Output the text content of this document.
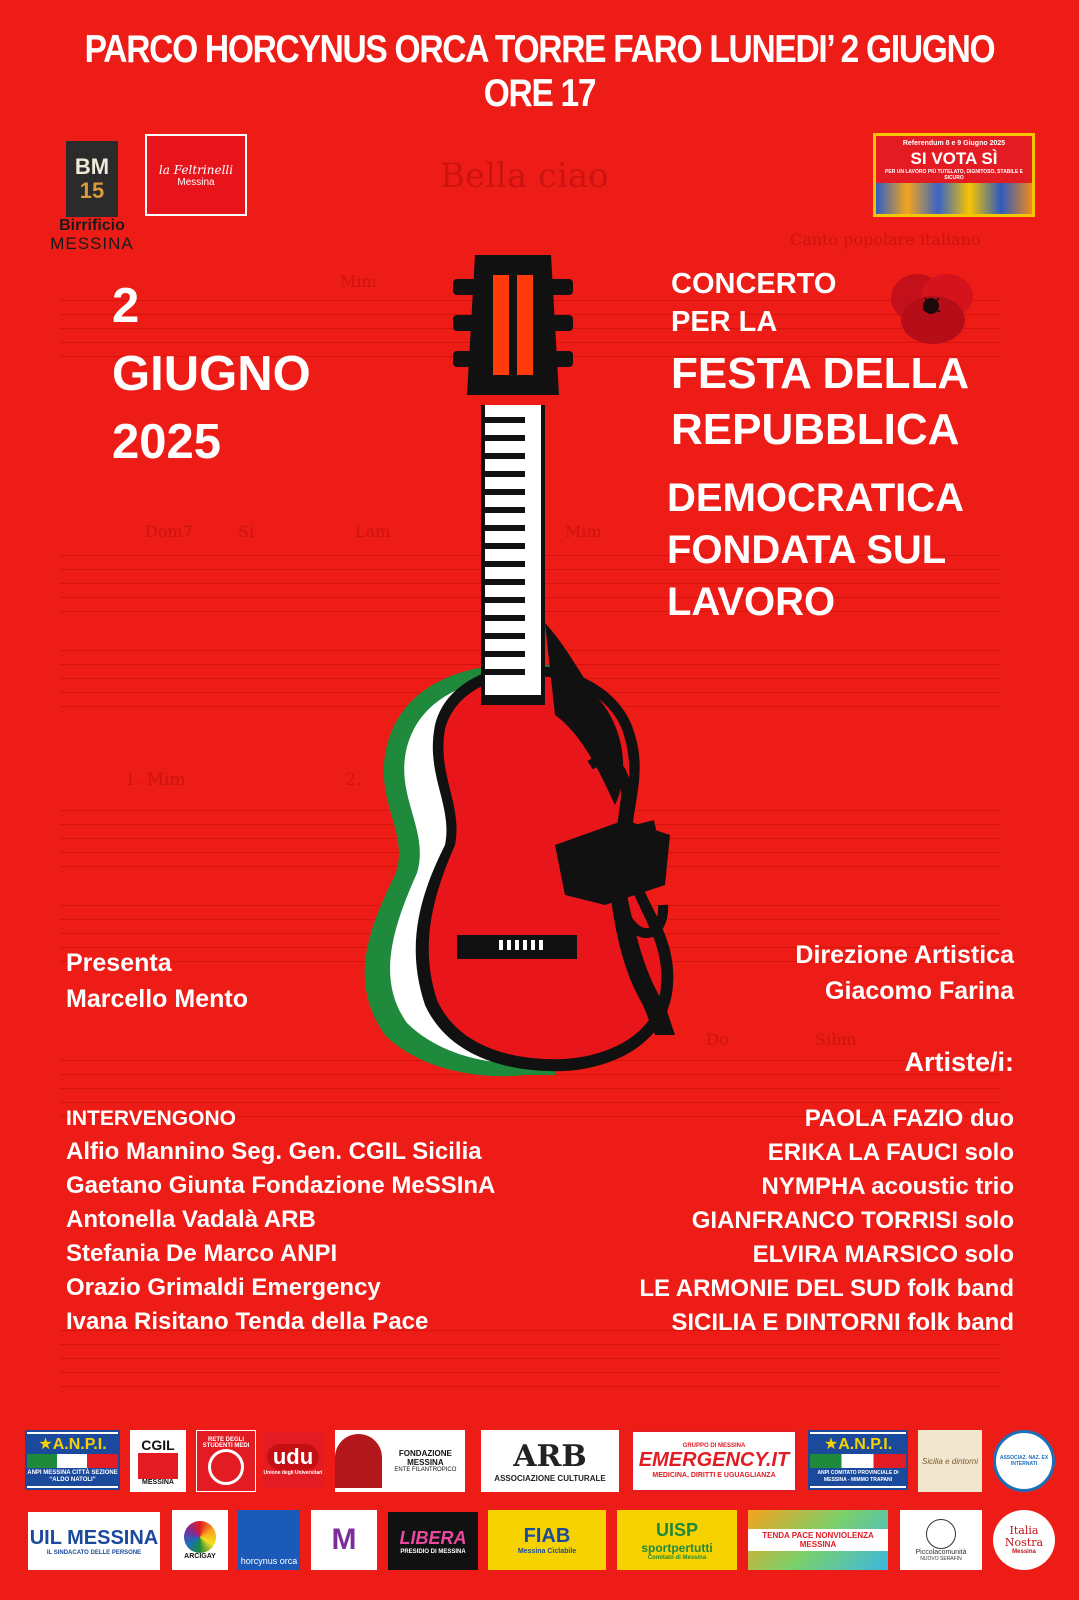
Bella ciao
Canto popolare italiano
Mim
Dom7	Si	Lam	Mim
1. Mim	2.
Do	Sibm
PARCO HORCYNUS ORCA TORRE FARO LUNEDI’ 2 GIUGNO ORE 17
BM
15
Birrificio
MESSINA
la Feltrinelli
Messina
Referendum 8 e 9 Giugno 2025
SI VOTA SÌ
PER UN LAVORO PIÙ TUTELATO, DIGNITOSO, STABILE E SICURO
2
GIUGNO
2025
CONCERTO
PER LA
FESTA DELLA
REPUBBLICA
DEMOCRATICA
FONDATA SUL
LAVORO
Presenta
Marcello Mento
Direzione Artistica
Giacomo Farina
Artiste/i:
INTERVENGONO
Alfio Mannino Seg. Gen. CGIL Sicilia
Gaetano Giunta Fondazione MeSSInA
Antonella Vadalà ARB
Stefania De Marco ANPI
Orazio Grimaldi Emergency
Ivana Risitano Tenda della Pace
PAOLA FAZIO duo
ERIKA LA FAUCI solo
NYMPHA acoustic trio
GIANFRANCO TORRISI solo
ELVIRA MARSICO solo
LE ARMONIE DEL SUD folk band
SICILIA E DINTORNI folk band
★A.N.P.I.
ANPI MESSINA CITTÀ SEZIONE “ALDO NATOLI”
CGIL
MESSINA
RETE DEGLI STUDENTI MEDI udu
Unione degli Universitari
FONDAZIONE MESSINA
ENTE FILANTROPICO ARB
ASSOCIAZIONE CULTURALE
GRUPPO DI MESSINA
EMERGENCY.IT
MEDICINA, DIRITTI E UGUAGLIANZA
★A.N.P.I.
ANPI COMITATO PROVINCIALE DI MESSINA - MIMMO TRAPANI
Sicilia e dintorni	ASSOCIAZ. NAZ. EX INTERNATI
UIL MESSINA
IL SINDACATO DELLE PERSONE	ARCIGAY	horcynus orca
M LIBERA
PRESIDIO DI MESSINA
FIAB
Messina Ciclabile
UISP
sportpertutti
Comitato di Messina
TENDA PACE NONVIOLENZA MESSINA
Piccolacomunità
NUOVO SERAFIN
Italia Nostra
Messina
